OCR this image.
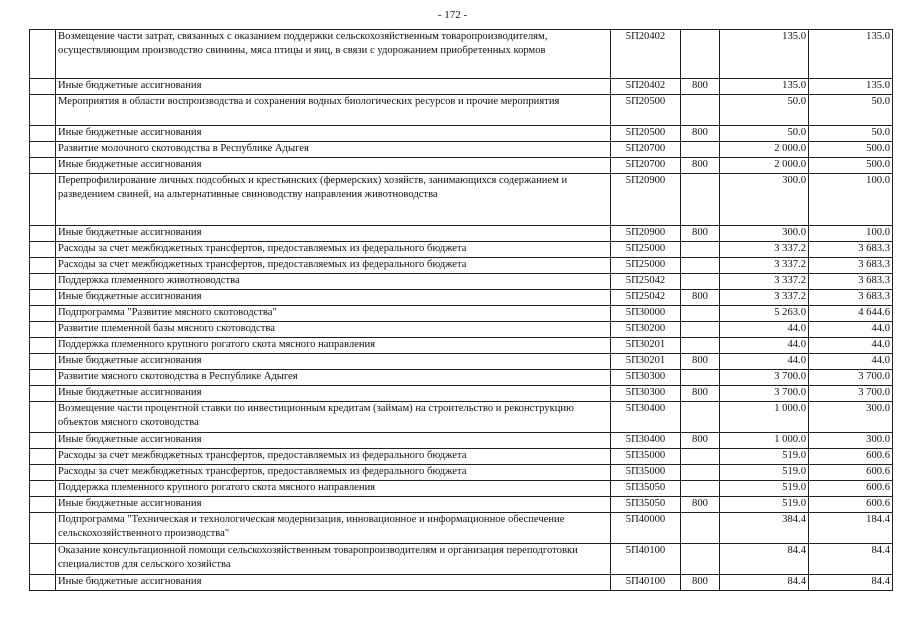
- 172 -
	Возмещение части затрат, связанных с оказанием поддержки сельскохозяйственным товаропроизводителям, осуществляющим производство свинины, мяса птицы и яиц, в связи с удорожанием приобретенных кормов	5П20402		135.0	135.0
	Иные бюджетные ассигнования	5П20402	800	135.0	135.0
	Мероприятия в области воспроизводства и сохранения водных биологических ресурсов и прочие мероприятия	5П20500		50.0	50.0
	Иные бюджетные ассигнования	5П20500	800	50.0	50.0
	Развитие молочного скотоводства в Республике Адыгея	5П20700		2 000.0	500.0
	Иные бюджетные ассигнования	5П20700	800	2 000.0	500.0
	Перепрофилирование личных подсобных и крестьянских (фермерских) хозяйств, занимающихся содержанием и разведением свиней, на альтернативные свиноводству направления животноводства	5П20900		300.0	100.0
	Иные бюджетные ассигнования	5П20900	800	300.0	100.0
	Расходы за счет межбюджетных трансфертов, предоставляемых из федерального бюджета	5П25000		3 337.2	3 683.3
	Расходы за счет межбюджетных трансфертов, предоставляемых из федерального бюджета	5П25000		3 337.2	3 683.3
	Поддержка племенного животноводства	5П25042		3 337.2	3 683.3
	Иные бюджетные ассигнования	5П25042	800	3 337.2	3 683.3
	Подпрограмма "Развитие мясного скотоводства"	5П30000		5 263.0	4 644.6
	Развитие племенной базы мясного скотоводства	5П30200		44.0	44.0
	Поддержка племенного крупного рогатого скота мясного направления	5П30201		44.0	44.0
	Иные бюджетные ассигнования	5П30201	800	44.0	44.0
	Развитие мясного скотоводства в Республике Адыгея	5П30300		3 700.0	3 700.0
	Иные бюджетные ассигнования	5П30300	800	3 700.0	3 700.0
	Возмещение части процентной ставки по инвестиционным кредитам (займам) на строительство и реконструкцию объектов мясного скотоводства	5П30400		1 000.0	300.0
	Иные бюджетные ассигнования	5П30400	800	1 000.0	300.0
	Расходы за счет межбюджетных трансфертов, предоставляемых из федерального бюджета	5П35000		519.0	600.6
	Расходы за счет межбюджетных трансфертов, предоставляемых из федерального бюджета	5П35000		519.0	600.6
	Поддержка племенного крупного рогатого скота мясного направления	5П35050		519.0	600.6
	Иные бюджетные ассигнования	5П35050	800	519.0	600.6
	Подпрограмма "Техническая и технологическая модернизация, инновационное и информационное обеспечение сельскохозяйственного производства"	5П40000		384.4	184.4
	Оказание консультационной помощи сельскохозяйственным товаропроизводителям и организация переподготовки специалистов для сельского хозяйства	5П40100		84.4	84.4
	Иные бюджетные ассигнования	5П40100	800	84.4	84.4
